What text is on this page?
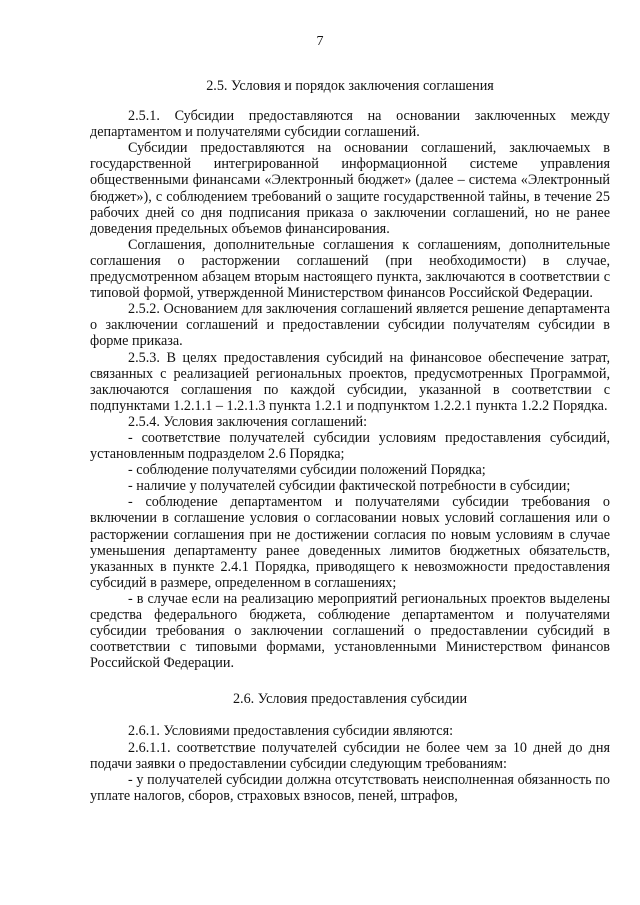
7
2.5. Условия и порядок заключения соглашения

2.5.1. Субсидии предоставляются на основании заключенных между департаментом и получателями субсидии соглашений.

Субсидии предоставляются на основании соглашений, заключаемых в государственной интегрированной информационной системе управления общественными финансами «Электронный бюджет» (далее – система «Электронный бюджет»), с соблюдением требований о защите государственной тайны, в течение 25 рабочих дней со дня подписания приказа о заключении соглашений, но не ранее доведения предельных объемов финансирования.

Соглашения, дополнительные соглашения к соглашениям, дополнительные соглашения о расторжении соглашений (при необходимости) в случае, предусмотренном абзацем вторым настоящего пункта, заключаются в соответствии с типовой формой, утвержденной Министерством финансов Российской Федерации.

2.5.2. Основанием для заключения соглашений является решение департамента о заключении соглашений и предоставлении субсидии получателям субсидии в форме приказа.

2.5.3. В целях предоставления субсидий на финансовое обеспечение затрат, связанных с реализацией региональных проектов, предусмотренных Программой, заключаются соглашения по каждой субсидии, указанной в соответствии с подпунктами 1.2.1.1 – 1.2.1.3 пункта 1.2.1 и подпунктом 1.2.2.1 пункта 1.2.2 Порядка.

2.5.4. Условия заключения соглашений:

- соответствие получателей субсидии условиям предоставления субсидий, установленным подразделом 2.6 Порядка;

- соблюдение получателями субсидии положений Порядка;

- наличие у получателей субсидии фактической потребности в субсидии;

- соблюдение департаментом и получателями субсидии требования о включении в соглашение условия о согласовании новых условий соглашения или о расторжении соглашения при не достижении согласия по новым условиям в случае уменьшения департаменту ранее доведенных лимитов бюджетных обязательств, указанных в пункте 2.4.1 Порядка, приводящего к невозможности предоставления субсидий в размере, определенном в соглашениях;

- в случае если на реализацию мероприятий региональных проектов выделены средства федерального бюджета, соблюдение департаментом и получателями субсидии требования о заключении соглашений о предоставлении субсидий в соответствии с типовыми формами, установленными Министерством финансов Российской Федерации.

2.6. Условия предоставления субсидии

2.6.1. Условиями предоставления субсидии являются:

2.6.1.1. соответствие получателей субсидии не более чем за 10 дней до дня подачи заявки о предоставлении субсидии следующим требованиям:

- у получателей субсидии должна отсутствовать неисполненная обязанность по уплате налогов, сборов, страховых взносов, пеней, штрафов,
